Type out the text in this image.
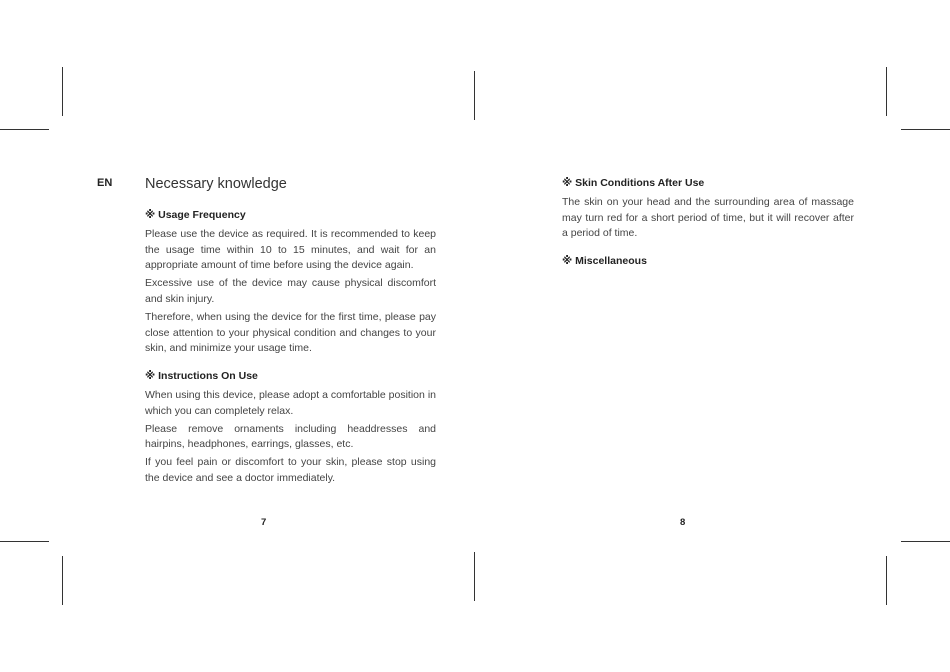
EN Necessary knowledge
※ Usage Frequency

Please use the device as required. It is recommended to keep the usage time within 10 to 15 minutes, and wait for an appropriate amount of time before using the device again.

Excessive use of the device may cause physical discomfort and skin injury.

Therefore, when using the device for the first time, please pay close attention to your physical condition and changes to your skin, and minimize your usage time.

※ Instructions On Use

When using this device, please adopt a comfortable position in which you can completely relax.

Please remove ornaments including headdresses and hairpins, headphones, earrings, glasses, etc.

If you feel pain or discomfort to your skin, please stop using the device and see a doctor immediately.

7
※ Skin Conditions After Use

The skin on your head and the surrounding area of massage may turn red for a short period of time, but it will recover after a period of time.

※ Miscellaneous
8
